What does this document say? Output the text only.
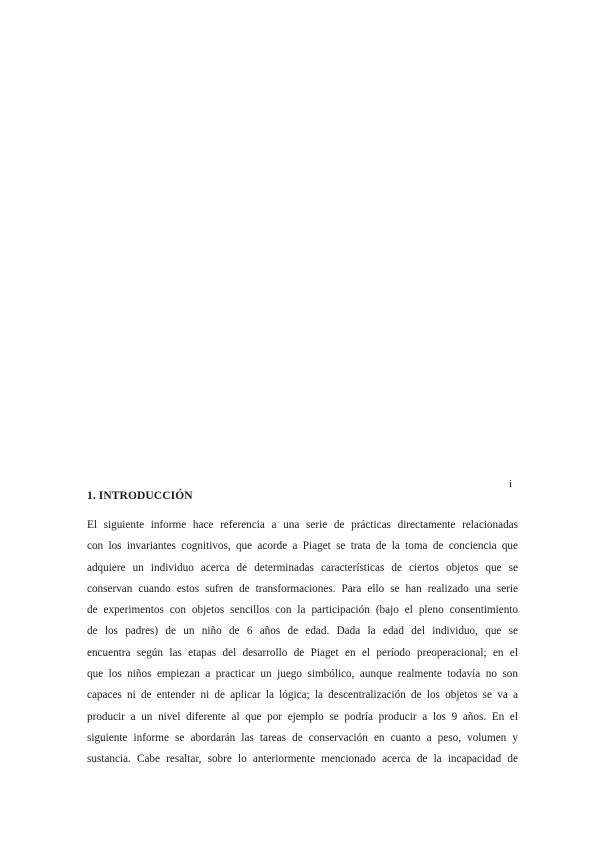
i
1. INTRODUCCIÓN
El siguiente informe hace referencia a una serie de prácticas directamente relacionadas
con los invariantes cognitivos, que acorde a Piaget se trata de la toma de conciencia que
adquiere un individuo acerca de determinadas características de ciertos objetos que se
conservan cuando estos sufren de transformaciones. Para ello se han realizado una serie
de experimentos con objetos sencillos con la participación (bajo el pleno consentimiento
de los padres) de un niño de 6 años de edad. Dada la edad del individuo, que se
encuentra según las etapas del desarrollo de Piaget en el período preoperacional; en el
que los niños empiezan a practicar un juego simbólico, aunque realmente todavía no son
capaces ni de entender ni de aplicar la lógica; la descentralización de los objetos se va a
producir a un nivel diferente al que por ejemplo se podría producir a los 9 años. En el
siguiente informe se abordarán las tareas de conservación en cuanto a peso, volumen y
sustancia. Cabe resaltar, sobre lo anteriormente mencionado acerca de la incapacidad de
